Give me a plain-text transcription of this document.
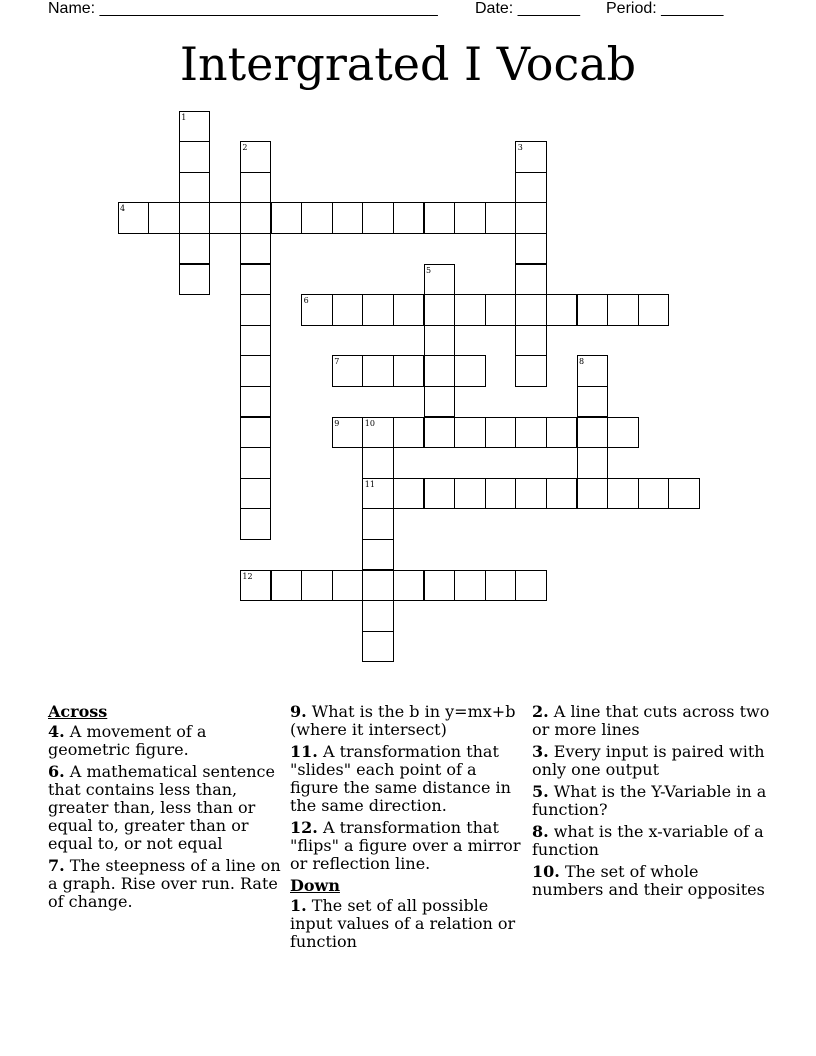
Name: ______________________________________

Date: _______

Period: _______

Intergrated I Vocab
4
6
7
9
11
12
1
2	3
5
8
10
Across
4. A movement of a geometric figure.
6. A mathematical sentence that contains less than, greater than, less than or equal to, greater than or equal to, or not equal
7. The steepness of a line on a graph. Rise over run. Rate of change.
9. What is the b in y=mx+b (where it intersect)
11. A transformation that "slides" each point of a figure the same distance in the same direction.
12. A transformation that "flips" a figure over a mirror or reflection line.
Down
1. The set of all possible input values of a relation or function
2. A line that cuts across two or more lines
3. Every input is paired with only one output
5. What is the Y-Variable in a function?
8. what is the x-variable of a function
10. The set of whole numbers and their opposites
